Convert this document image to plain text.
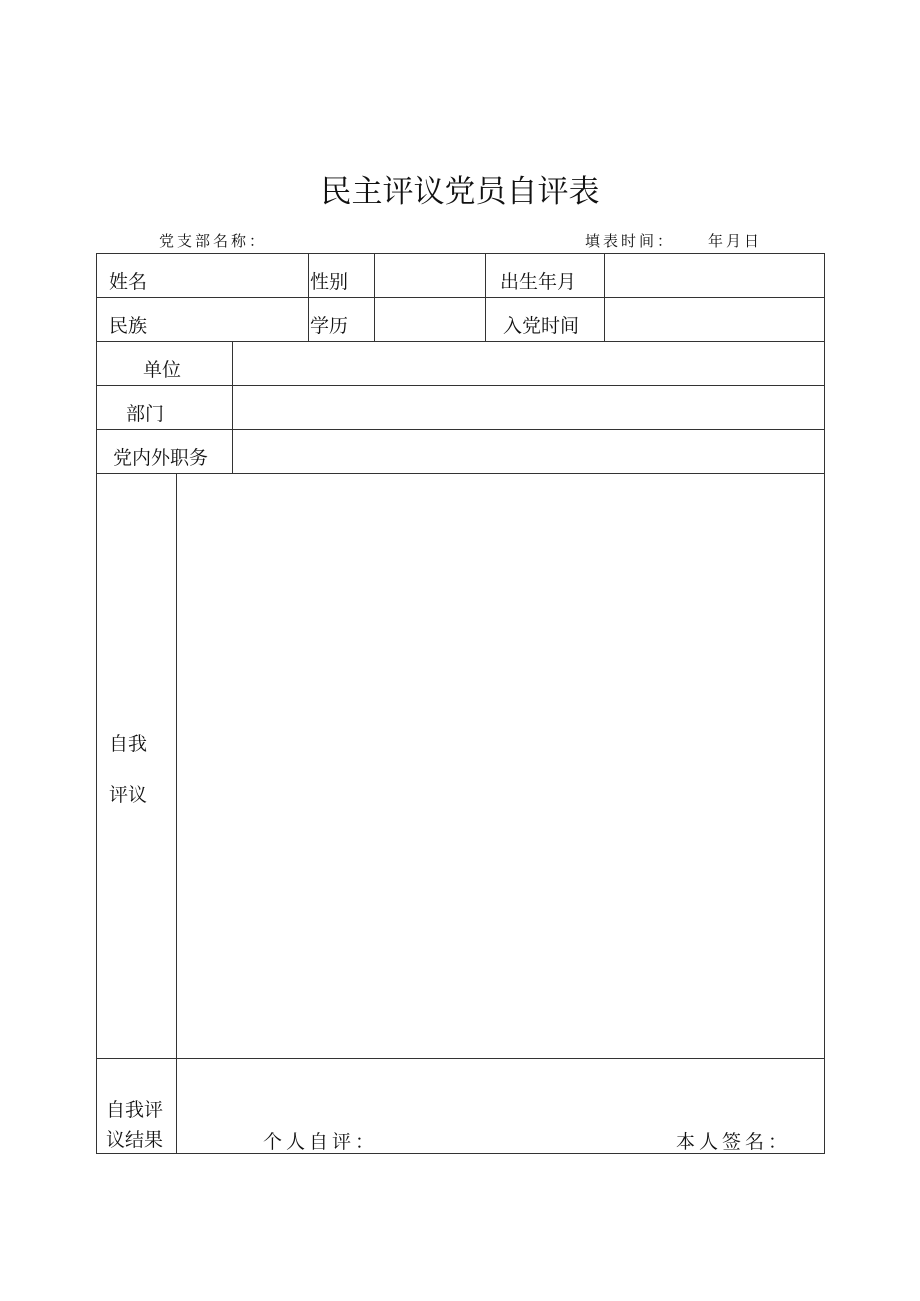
民主评议党员自评表
党支部名称：	填表时间： 年月日
姓名	性别	出生年月
民族	学历	入党时间
单位
部门
党内外职务
自我
评议
自我评
议结果	个人自评：	本人签名：
